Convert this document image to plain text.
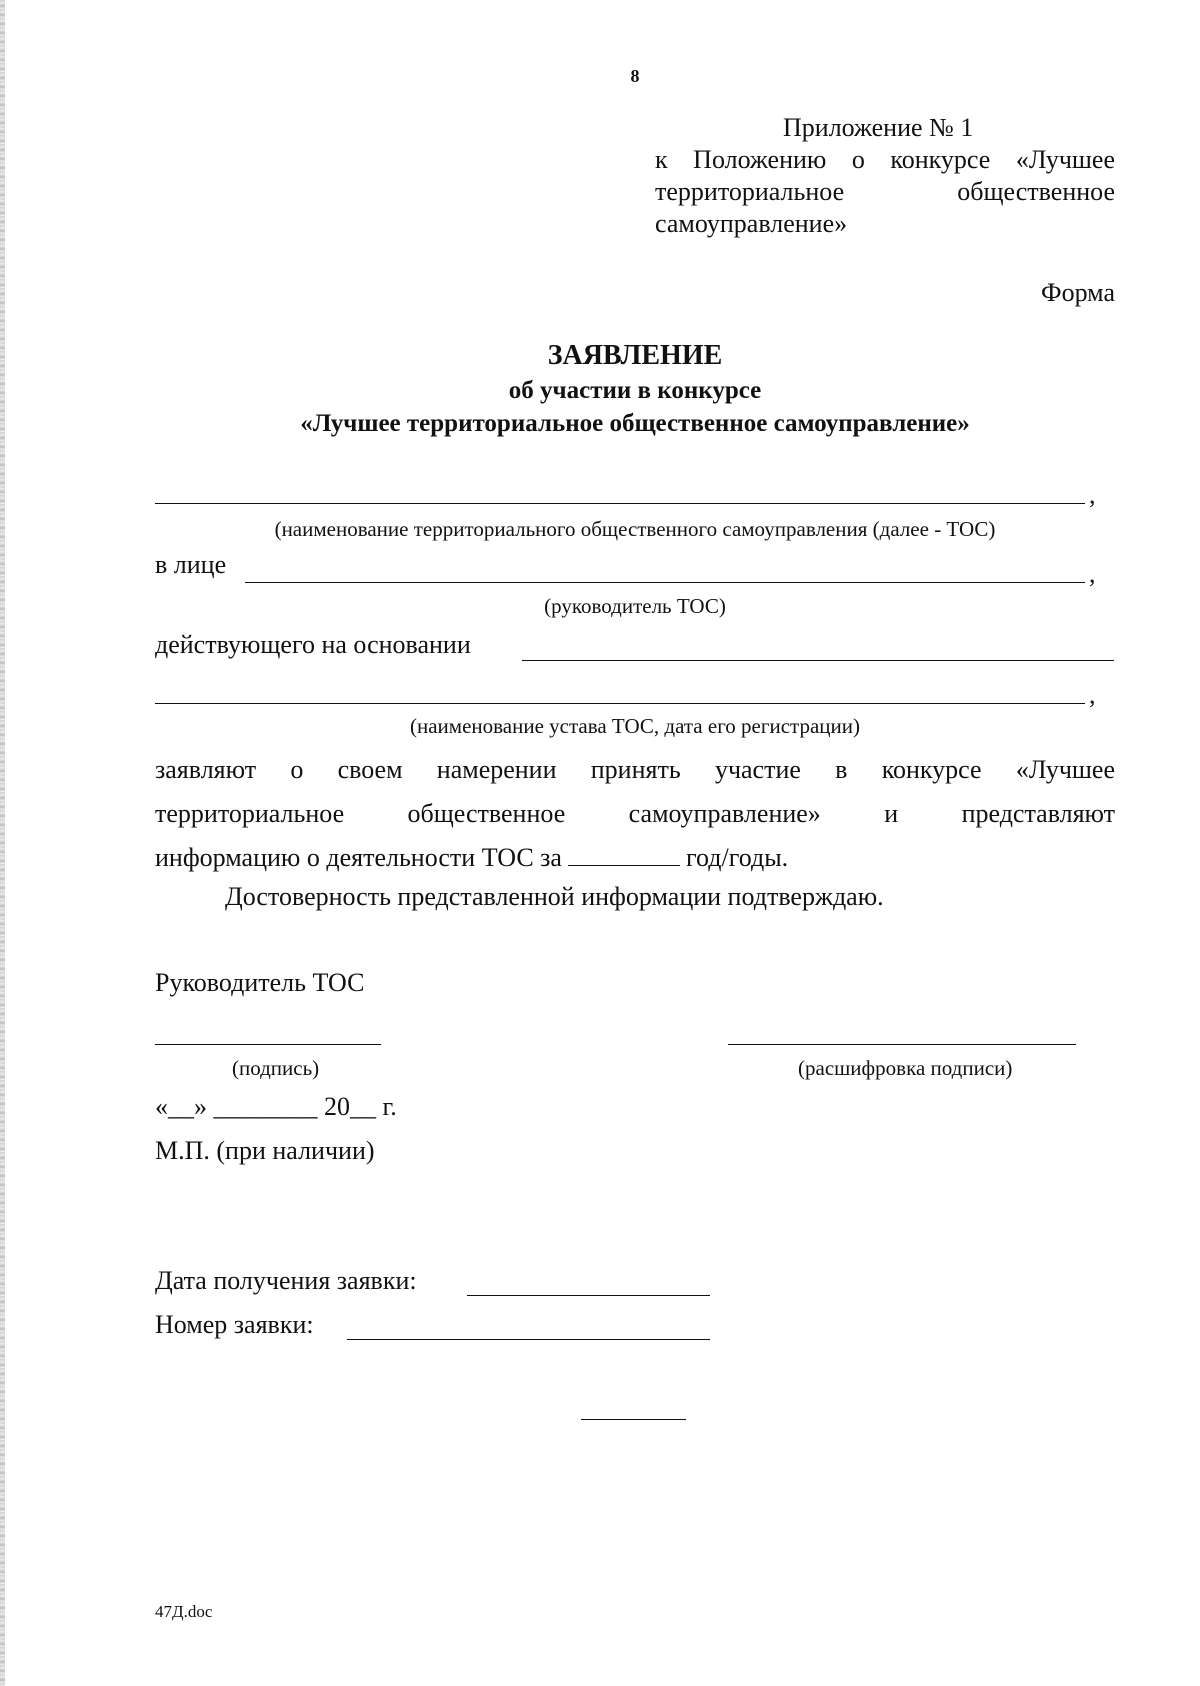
8
Приложение № 1
к Положению о конкурсе «Лучшее
территориальное общественное
самоуправление»
Форма
ЗАЯВЛЕНИЕ
об участии в конкурсе
«Лучшее территориальное общественное самоуправление»
,
(наименование территориального общественного самоуправления (далее - ТОС)
в лице	,
(руководитель ТОС)
действующего на основании
,
(наименование устава ТОС, дата его регистрации)
заявляют о своем намерении принять участие в конкурсе «Лучшее
территориальное общественное самоуправление» и представляют
информацию о деятельности ТОС за	год/годы.
Достоверность представленной информации подтверждаю.
Руководитель ТОС
(подпись)	(расшифровка подписи)
«__» ________ 20__ г.
М.П. (при наличии)
Дата получения заявки:
Номер заявки:
47Д.doc
